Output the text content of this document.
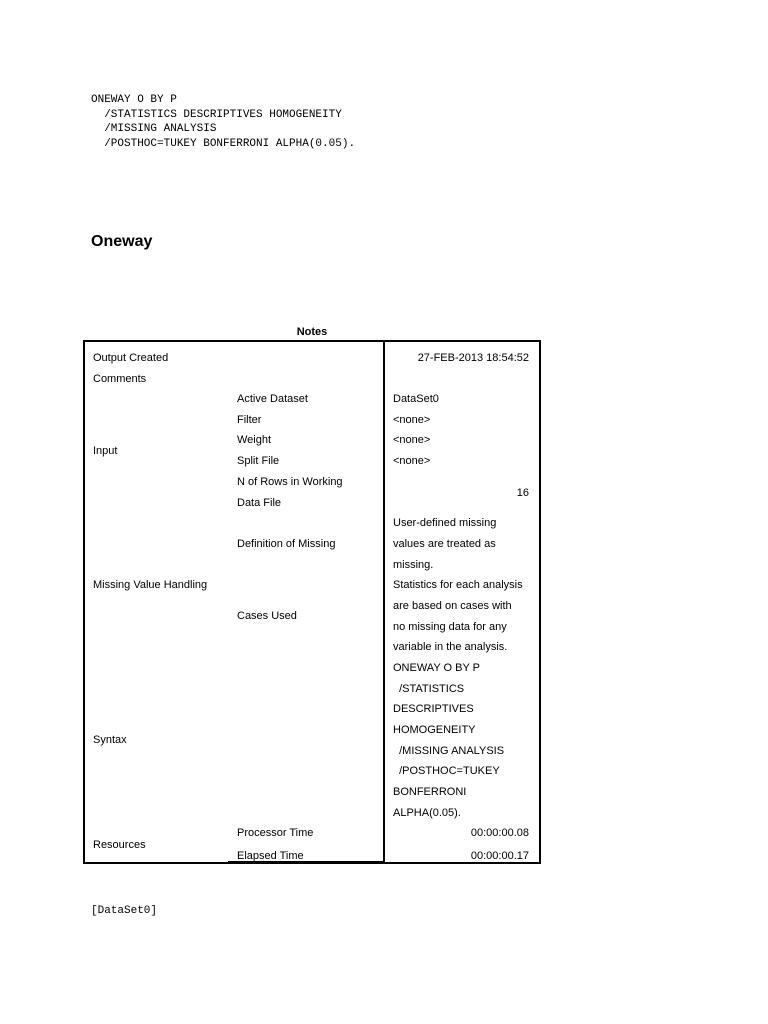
ONEWAY O BY P
/STATISTICS DESCRIPTIVES HOMOGENEITY
/MISSING ANALYSIS
/POSTHOC=TUKEY BONFERRONI ALPHA(0.05).
Oneway
Notes
Output Created
Comments
Input
Missing Value Handling
Syntax
Resources
Active Dataset
Filter
Weight
Split File
N of Rows in Working
Data File
Definition of Missing
Cases Used
Processor Time
Elapsed Time
27-FEB-2013 18:54:52
DataSet0
<none>
<none>
<none>
16
User-defined missing
values are treated as
missing.
Statistics for each analysis
are based on cases with
no missing data for any
variable in the analysis.
ONEWAY O BY P
/STATISTICS
DESCRIPTIVES
HOMOGENEITY
/MISSING ANALYSIS
/POSTHOC=TUKEY
BONFERRONI
ALPHA(0.05).
00:00:00.08
00:00:00.17
[DataSet0]
